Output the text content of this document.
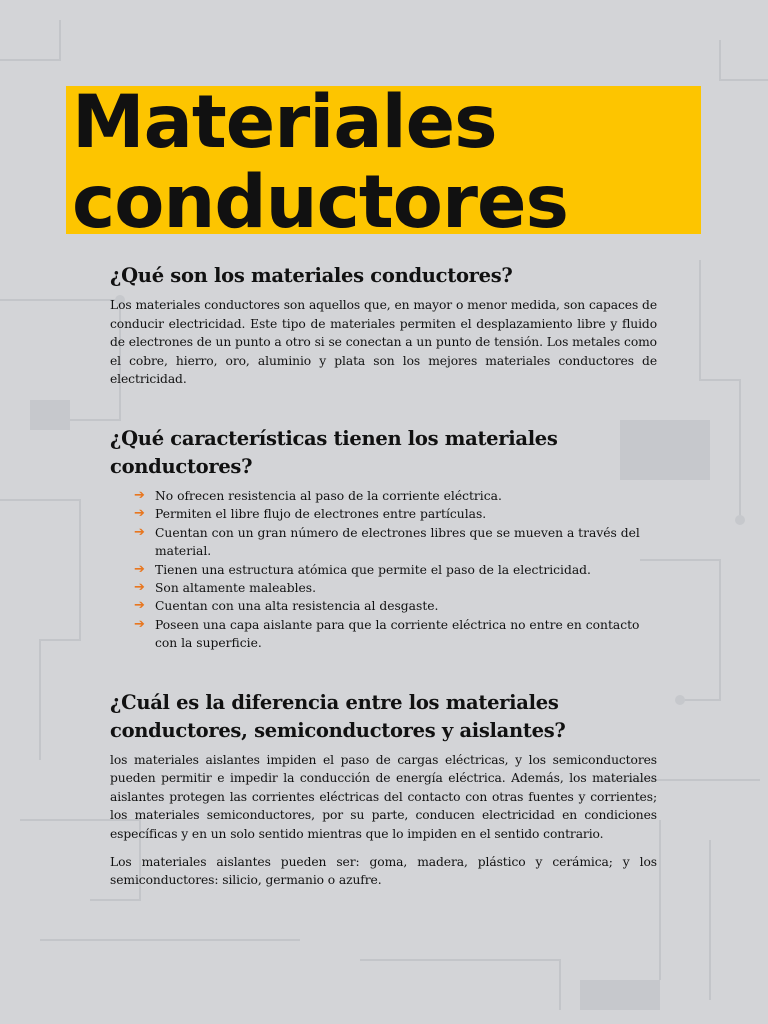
Materiales
conductores
¿Qué son los materiales conductores?

Los materiales conductores son aquellos que, en mayor o menor medida, son capaces de conducir electricidad. Este tipo de materiales permiten el desplazamiento libre y fluido de electrones de un punto a otro si se conectan a un punto de tensión. Los metales como el cobre, hierro, oro, aluminio y plata son los mejores materiales conductores de electricidad.

¿Qué características tienen los materiales conductores?
➔ No ofrecen resistencia al paso de la corriente eléctrica.
➔ Permiten el libre flujo de electrones entre partículas.
➔ Cuentan con un gran número de electrones libres que se mueven a través del material.
➔ Tienen una estructura atómica que permite el paso de la electricidad.
➔ Son altamente maleables.
➔ Cuentan con una alta resistencia al desgaste.
➔ Poseen una capa aislante para que la corriente eléctrica no entre en contacto con la superficie.
¿Cuál es la diferencia entre los materiales conductores, semiconductores y aislantes?

los materiales aislantes impiden el paso de cargas eléctricas, y los semiconductores pueden permitir e impedir la conducción de energía eléctrica. Además, los materiales aislantes protegen las corrientes eléctricas del contacto con otras fuentes y corrientes; los materiales semiconductores, por su parte, conducen electricidad en condiciones específicas y en un solo sentido mientras que lo impiden en el sentido contrario.

Los materiales aislantes pueden ser: goma, madera, plástico y cerámica; y los semiconductores: silicio, germanio o azufre.
